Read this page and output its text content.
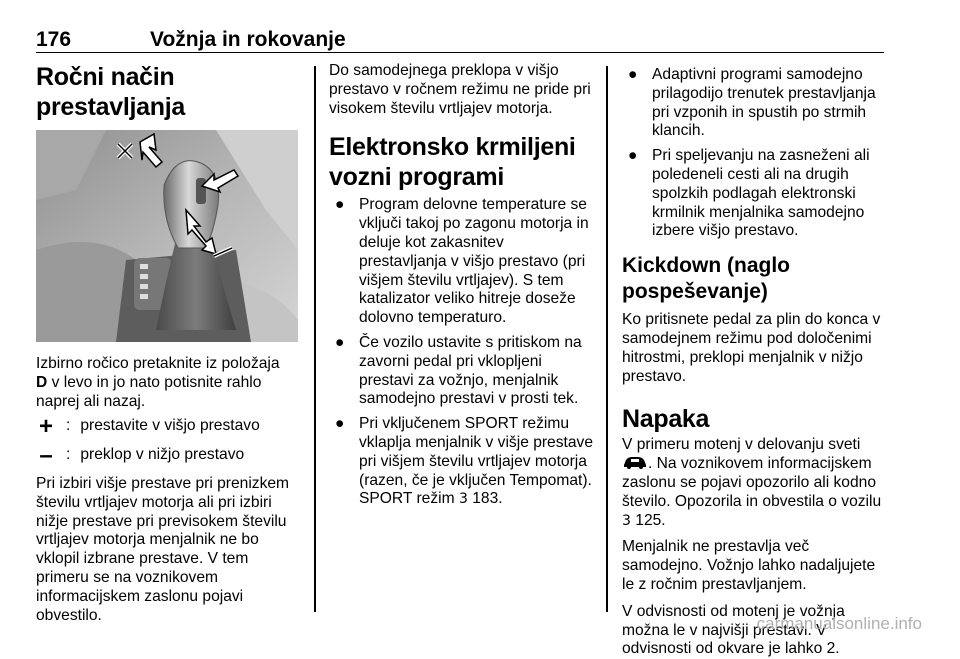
176	Vožnja in rokovanje
Ročni način prestavljanja

Izbirno ročico pretaknite iz položaja
D v levo in jo nato potisnite rahlo naprej ali nazaj.

+ : prestavite v višjo prestavo
– : preklop v nižjo prestavo

Pri izbiri višje prestave pri prenizkem številu vrtljajev motorja ali pri izbiri nižje prestave pri previsokem številu vrtljajev motorja menjalnik ne bo vklopil izbrane prestave. V tem primeru se na voznikovem informacijskem zaslonu pojavi obvestilo.

Do samodejnega preklopa v višjo prestavo v ročnem režimu ne pride pri visokem številu vrtljajev motorja.

Elektronsko krmiljeni vozni programi
● Program delovne temperature se vključi takoj po zagonu motorja in deluje kot zakasnitev prestavljanja v višjo prestavo (pri višjem številu vrtljajev). S tem katalizator veliko hitreje doseže dolovno temperaturo.
● Če vozilo ustavite s pritiskom na zavorni pedal pri vklopljeni prestavi za vožnjo, menjalnik samodejno prestavi v prosti tek.
● Pri vključenem SPORT režimu vklaplja menjalnik v višje prestave pri višjem številu vrtljajev motorja (razen, če je vključen Tempomat). SPORT režim 3 183.
● Adaptivni programi samodejno prilagodijo trenutek prestavljanja pri vzponih in spustih po strmih klancih.
● Pri speljevanju na zasneženi ali poledeneli cesti ali na drugih spolzkih podlagah elektronski krmilnik menjalnika samodejno izbere višjo prestavo.
Kickdown (naglo pospeševanje)

Ko pritisnete pedal za plin do konca v samodejnem režimu pod določenimi hitrostmi, preklopi menjalnik v nižjo prestavo.

Napaka

V primeru motenj v delovanju sveti
. Na voznikovem informacijskem zaslonu se pojavi opozorilo ali kodno število. Opozorila in obvestila o vozilu
3 125.

Menjalnik ne prestavlja več samodejno. Vožnjo lahko nadaljujete le z ročnim prestavljanjem.

V odvisnosti od motenj je vožnja možna le v najvišji prestavi. V odvisnosti od okvare je lahko 2.

carmanualsonline.info
